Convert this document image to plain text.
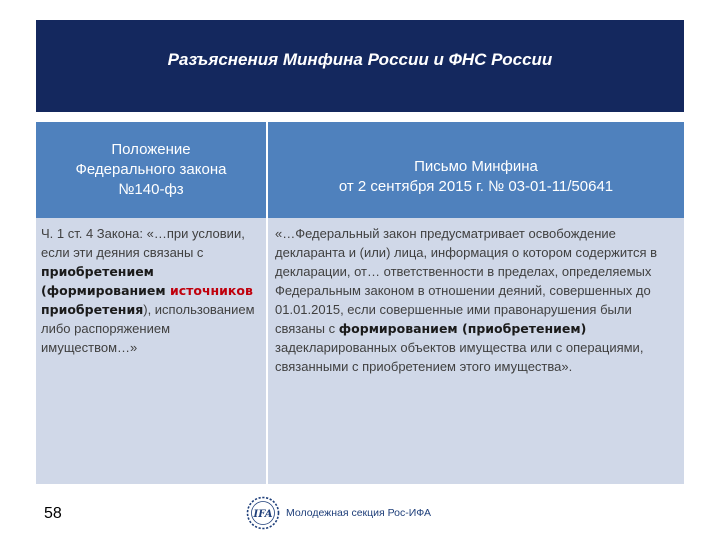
Разъяснения Минфина России и ФНС России
Положение
Федерального закона
№140-фз
Письмо Минфина
от 2 сентября 2015 г. № 03-01-11/50641
Ч. 1 ст. 4 Закона: «…при условии, если эти деяния связаны с приобретением (формированием источников приобретения), использованием либо распоряжением имуществом…»
«…Федеральный закон предусматривает освобождение декларанта и (или) лица, информация о котором содержится в декларации, от… ответственности в пределах, определяемых Федеральным законом в отношении деяний, совершенных до 01.01.2015, если совершенные ими правонарушения были связаны с формированием (приобретением) задекларированных объектов имущества или с операциями, связанными с приобретением этого имущества».
58	IFA Молодежная секция Рос-ИФА
